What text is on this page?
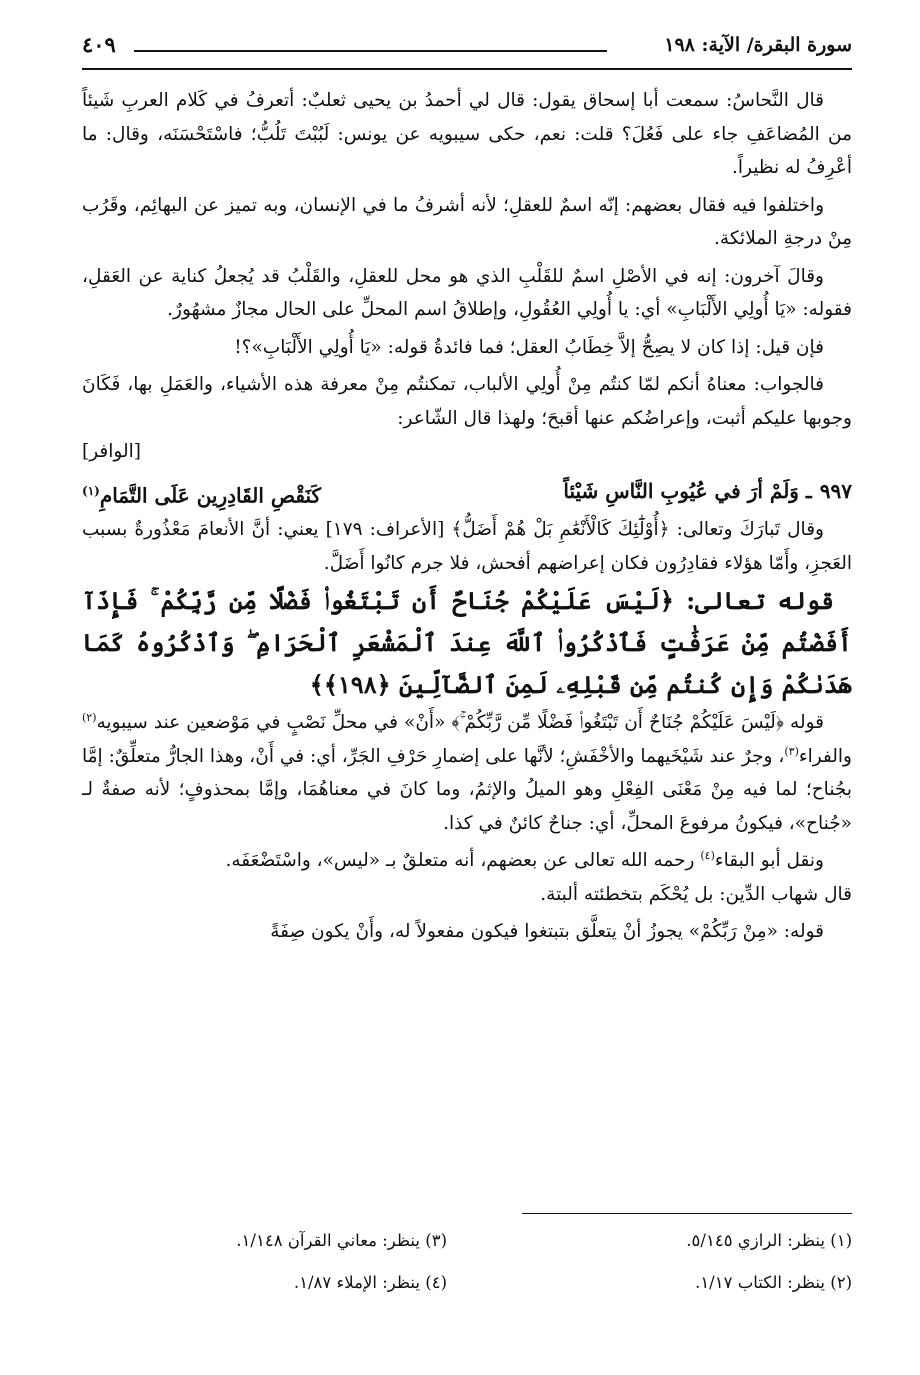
سورة البقرة/ الآية: ١٩٨
٤٠٩

قال النَّحاسُ: سمعت أبا إسحاق يقول: قال لي أحمدُ بن يحيى ثعلبٌ: أتعرفُ في كَلام العربِ شَيئاً من المُضاعَفِ جاء على فَعُلَ؟ قلت: نعم، حكى سيبويه عن يونس: لَبُبْتَ تَلُبُّ؛ فاسْتَحْسَنَه، وقال: ما أعْرِفُ له نظيراً.

واختلفوا فيه فقال بعضهم: إنّه اسمٌ للعقلِ؛ لأنه أشرفُ ما في الإنسان، وبه تميز عن البهائِم، وقَرُب مِنْ درجةِ الملائكة.

وقالَ آخرون: إنه في الأصْلِ اسمٌ للقَلْبِ الذي هو محل للعقلِ، والقَلْبُ قد يُجعلُ كناية عن العَقلِ، فقوله: «يَا أُولِي الأَلْبَابِ» أي: يا أُولِي العُقُولِ، وإطلاقُ اسم المحلِّ على الحال مجازٌ مشهُورٌ.

فإن قيل: إذا كان لا يصِحُّ إلاَّ خِطَابُ العقل؛ فما فائدةُ قوله: «يَا أُولِي الأَلْبَابِ»؟!

فالجواب: معناهُ أنكم لمّا كنتُم مِنْ أُولِي الألباب، تمكنتُم مِنْ معرفة هذه الأشياء، والعَمَلِ بها، فَكَانَ وجوبها عليكم أثبت، وإعراضُكم عنها أقبحَ؛ ولهذا قال الشّاعر:

[الوافر]

٩٩٧ـ وَلَمْ أرَ في عُيُوبِ النَّاسِ شَيْئاً
كَنَقْصِ القَادِرِين عَلَى التَّمَامِ$^{(١)}$

وقال تَبارَكَ وتعالى: ﴿أُوْلَٰٓئِكَ كَالْأَنْعَٰمِ بَلْ هُمْ أَضَلُّ﴾ [الأعراف: ١٧٩] يعني: أنَّ الأنعامَ مَعْذُورةٌ بسبب العَجزِ، وأَمّا هؤلاء فقادِرُون فكان إعراضهم أفحش، فلا جرم كانُوا أَضَلَّ.

قوله تعالى: ﴿لَيْسَ عَلَيْكُمْ جُنَاحٌ أَن تَبْتَغُوا۟ فَضْلًا مِّن رَّبِّكُمْ ۚ فَإِذَآ أَفَضْتُم مِّنْ عَرَفَٰتٍ فَٱذْكُرُوا۟ ٱللَّهَ عِندَ ٱلْمَشْعَرِ ٱلْحَرَامِ ۖ وَٱذْكُرُوهُ كَمَا هَدَىٰكُمْ وَإِن كُنتُم مِّن قَبْلِهِۦ لَمِنَ ٱلضَّآلِّينَ ﴿١٩٨﴾﴾

قوله ﴿لَيْسَ عَلَيْكُمْ جُنَاحٌ أَن تَبْتَغُوا۟ فَضْلًا مِّن رَّبِّكُمْ ۚ﴾ «أَنْ» في محلِّ نَصْبٍ في مَوْضعين عند سيبويه$^{(٢)}$ والفراء$^{(٣)}$، وجرٌ عند شَيْخَيهما والأخْفَشِ؛ لأنَّها على إضمارِ حَرْفِ الجَرِّ، أي: في أَنْ، وهذا الجارُّ متعلِّقٌ: إمَّا بجُناح؛ لما فيه مِنْ مَعْنَى الفِعْلِ وهو الميلُ والإثمُ، وما كانَ في معناهُمَا، وإمَّا بمحذوفٍ؛ لأنه صفةٌ لـ «جُناح»، فيكونُ مرفوعَ المحلِّ، أي: جناحٌ كائنٌ في كذا.

ونقل أبو البقاء$^{(٤)}$ رحمه الله تعالى عن بعضهم، أنه متعلقٌ بـ «ليس»، واسْتَضْعَفَه.

قال شهاب الدِّين: بل يُحْكَم بتخطئته ألبتة.

قوله: «مِنْ رَبِّكُمْ» يجوزُ أنْ يتعلَّق بتبتغوا فيكون مفعولاً له، وأَنْ يكون صِفَةً

(١) ينظر: الرازي ٥/١٤٥.
(٣) ينظر: معاني القرآن ١/١٤٨.
(٢) ينظر: الكتاب ١/١٧.
(٤) ينظر: الإملاء ١/٨٧.
